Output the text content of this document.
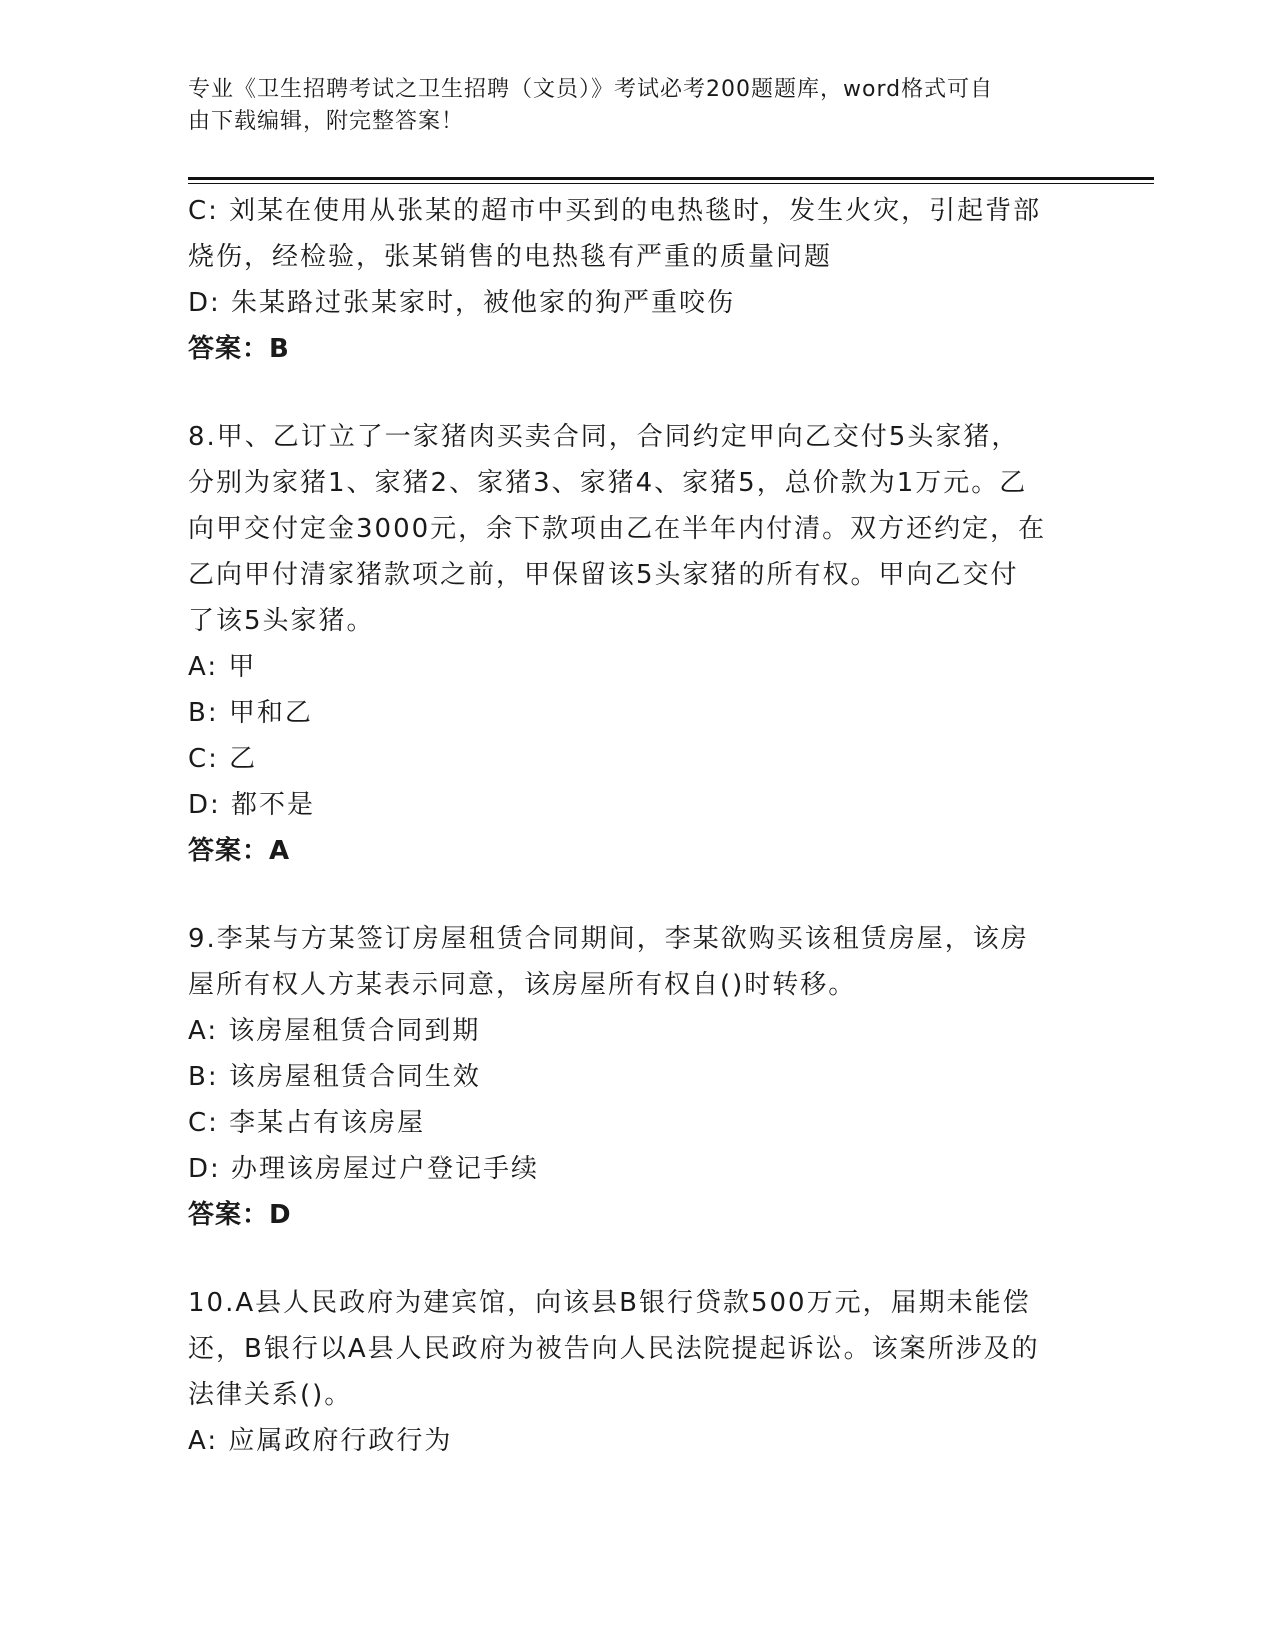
专业《卫生招聘考试之卫生招聘（文员）》考试必考200题题库，word格式可自
由下载编辑，附完整答案！
C: 刘某在使用从张某的超市中买到的电热毯时，发生火灾，引起背部
烧伤，经检验，张某销售的电热毯有严重的质量问题
D: 朱某路过张某家时，被他家的狗严重咬伤
答案：B
8.甲、乙订立了一家猪肉买卖合同，合同约定甲向乙交付5头家猪，
分别为家猪1、家猪2、家猪3、家猪4、家猪5，总价款为1万元。乙
向甲交付定金3000元，余下款项由乙在半年内付清。双方还约定，在
乙向甲付清家猪款项之前，甲保留该5头家猪的所有权。甲向乙交付
了该5头家猪。
A: 甲
B: 甲和乙
C: 乙
D: 都不是
答案：A
9.李某与方某签订房屋租赁合同期间，李某欲购买该租赁房屋，该房
屋所有权人方某表示同意，该房屋所有权自()时转移。
A: 该房屋租赁合同到期
B: 该房屋租赁合同生效
C: 李某占有该房屋
D: 办理该房屋过户登记手续
答案：D
10.A县人民政府为建宾馆，向该县B银行贷款500万元，届期未能偿
还，B银行以A县人民政府为被告向人民法院提起诉讼。该案所涉及的
法律关系()。
A: 应属政府行政行为
